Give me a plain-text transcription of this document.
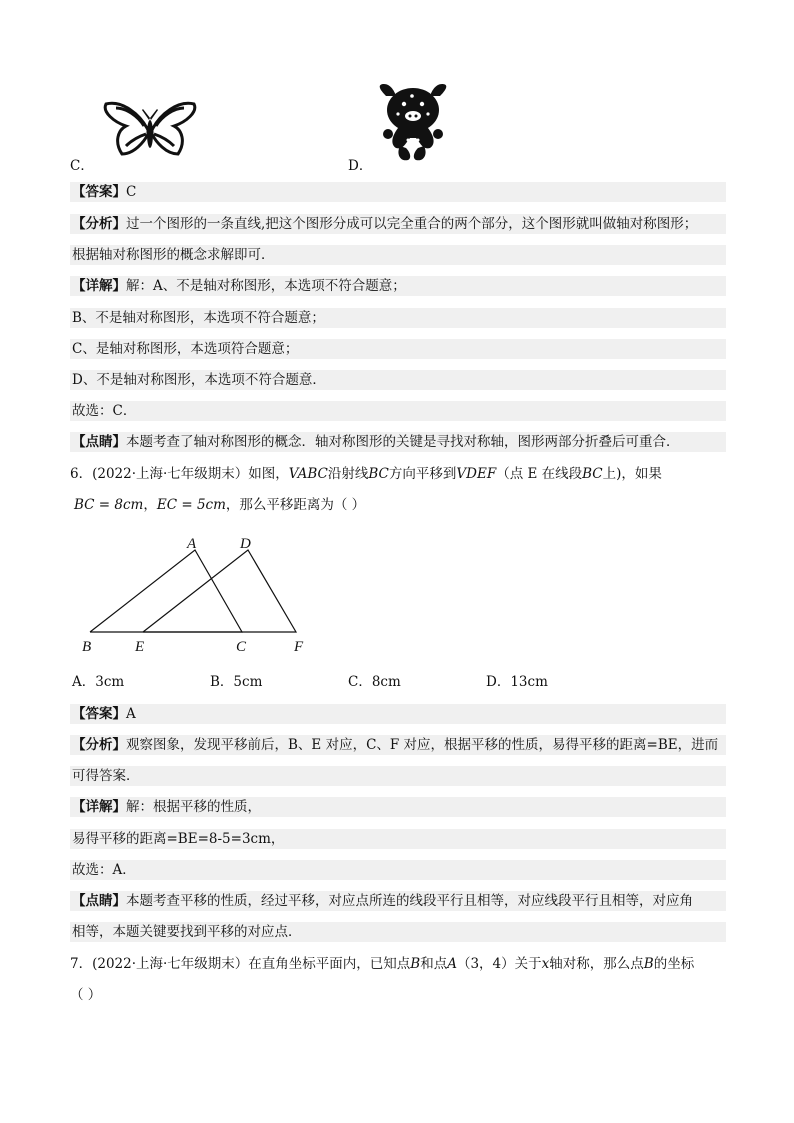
C．	D．
【答案】C
【分析】过一个图形的一条直线,把这个图形分成可以完全重合的两个部分，这个图形就叫做轴对称图形；
根据轴对称图形的概念求解即可．
【详解】解：A、不是轴对称图形，本选项不符合题意；
B、不是轴对称图形，本选项不符合题意；
C、是轴对称图形，本选项符合题意；
D、不是轴对称图形，本选项不符合题意．
故选：C．
【点睛】本题考查了轴对称图形的概念．轴对称图形的关键是寻找对称轴，图形两部分折叠后可重合．
6．(2022·上海·七年级期末）如图，VABC沿射线BC方向平移到VDEF（点 E 在线段BC上)，如果
BC = 8cm，EC = 5cm，那么平移距离为（ ）
A	D
B	E	C	F
A．3cm	B．5cm	C．8cm	D．13cm
【答案】A
【分析】观察图象，发现平移前后，B、E 对应，C、F 对应，根据平移的性质，易得平移的距离=BE，进而
可得答案．
【详解】解：根据平移的性质，
易得平移的距离=BE=8-5=3cm，
故选：A．
【点睛】本题考查平移的性质，经过平移，对应点所连的线段平行且相等，对应线段平行且相等，对应角
相等，本题关键要找到平移的对应点．
7．(2022·上海·七年级期末）在直角坐标平面内，已知点B和点A（3，4）关于x轴对称，那么点B的坐标
（ ）
